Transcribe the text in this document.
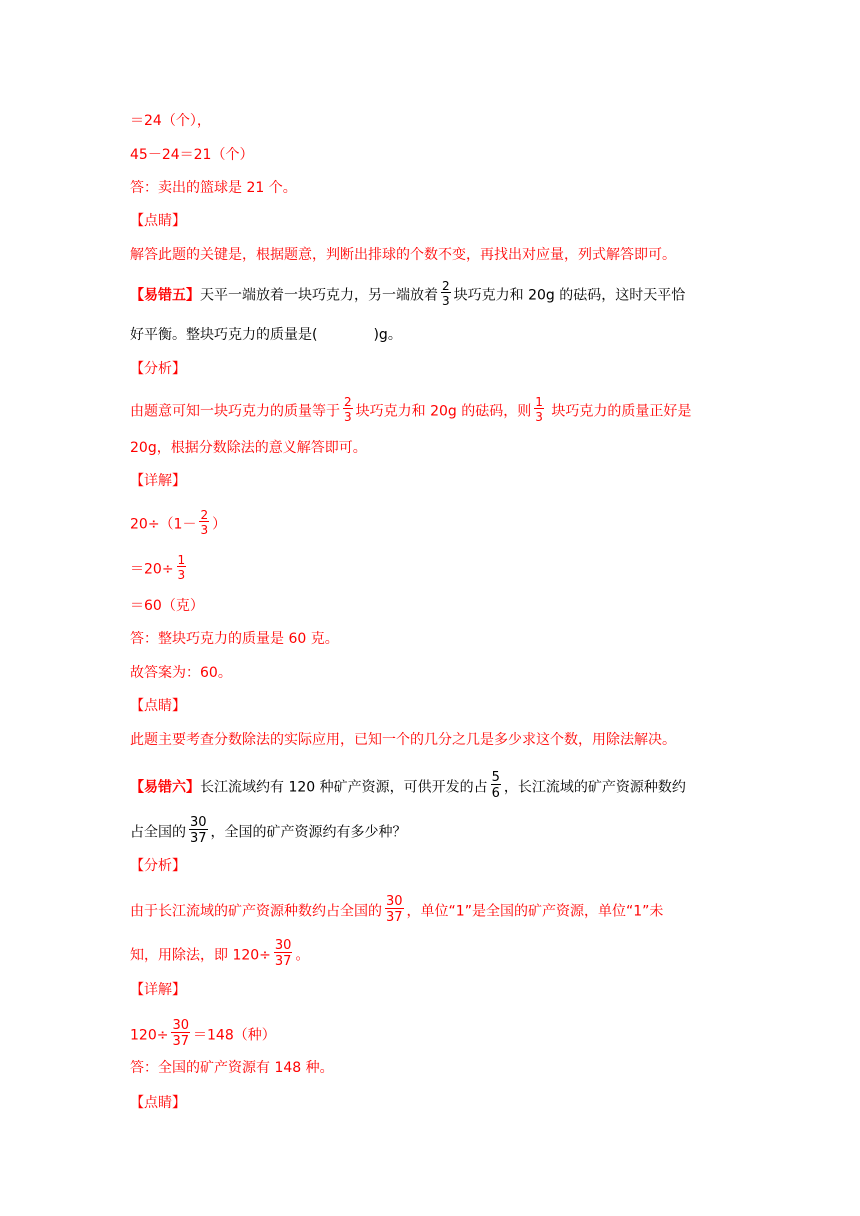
＝24（个），
45－24＝21（个）
答：卖出的篮球是 21 个。
【点睛】
解答此题的关键是，根据题意，判断出排球的个数不变，再找出对应量，列式解答即可。
【易错五】天平一端放着一块巧克力，另一端放着 $\frac{2}{3}$ 块巧克力和 20g 的砝码，这时天平恰
好平衡。整块巧克力的质量是(	)g。
【分析】
由题意可知一块巧克力的质量等于 $\frac{2}{3}$ 块巧克力和 20g 的砝码，则 $\frac{1}{3}$ 块巧克力的质量正好是
20g，根据分数除法的意义解答即可。
【详解】
$20\div(1- \frac{2}{3}$ ）
$=20\div \frac{1}{3}$
＝60（克）
答：整块巧克力的质量是 60 克。
故答案为：60。
【点睛】
此题主要考查分数除法的实际应用，已知一个的几分之几是多少求这个数，用除法解决。
【易错六】长江流域约有 120 种矿产资源，可供开发的占 $\frac{5}{6}$ ，长江流域的矿产资源种数约
占全国的 $\frac{30}{37}$ ，全国的矿产资源约有多少种？
【分析】
由于长江流域的矿产资源种数约占全国的 $\frac{30}{37}$ ，单位“1”是全国的矿产资源，单位“1”未
知，用除法，即 $120\div \frac{30}{37}$ 。
【详解】
$120\div \frac{30}{37} =148$（种）
答：全国的矿产资源有 148 种。
【点睛】
